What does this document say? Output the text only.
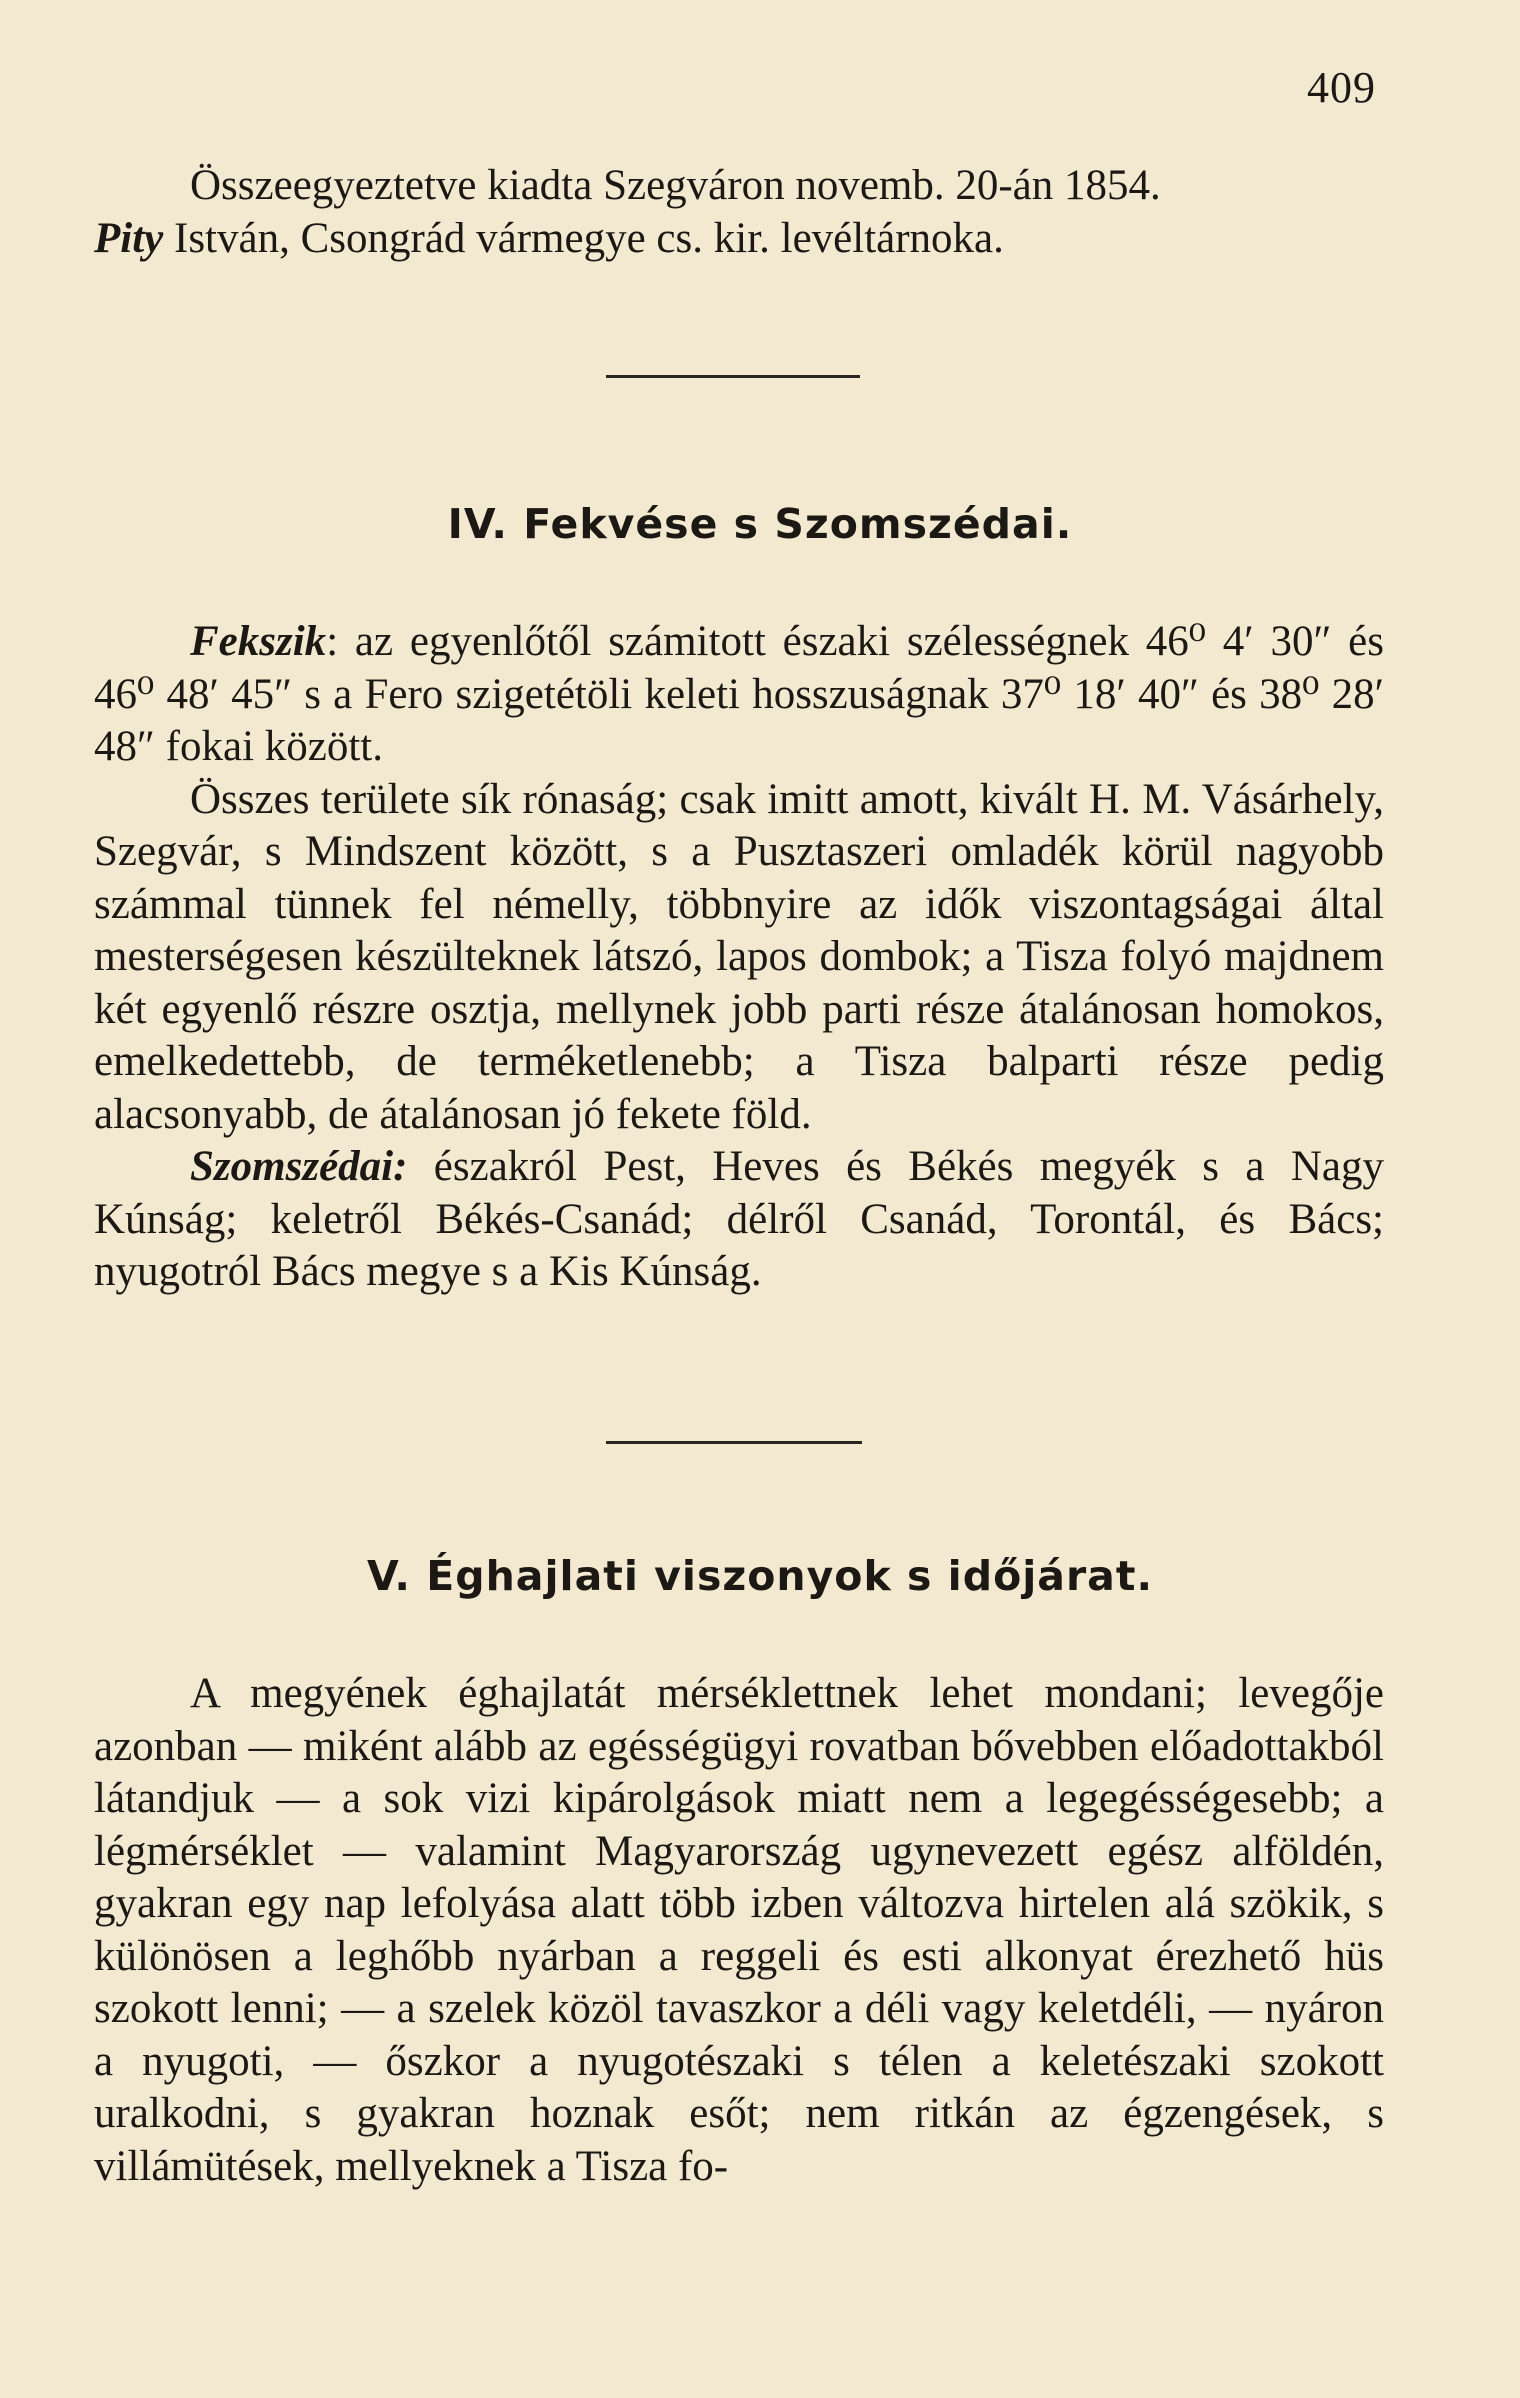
409

Összeegyeztetve kiadta Szegváron novemb. 20-án 1854.

Pity István, Csongrád vármegye cs. kir. levéltárnoka.

IV. Fekvése s Szomszédai.

Fekszik: az egyenlőtől számitott északi szélességnek 46⁰ 4′ 30″ és 46⁰ 48′ 45″ s a Fero szigetétöli keleti hosszuságnak 37⁰ 18′ 40″ és 38⁰ 28′ 48″ fokai között.

Összes területe sík rónaság; csak imitt amott, kivált H. M. Vásárhely, Szegvár, s Mindszent között, s a Pusztaszeri omladék körül nagyobb számmal tünnek fel némelly, többnyire az idők viszontagságai által mesterségesen készülteknek látszó, lapos dombok; a Tisza folyó majdnem két egyenlő részre osztja, mellynek jobb parti része átalánosan homokos, emelkedettebb, de terméketlenebb; a Tisza balparti része pedig alacsonyabb, de átalánosan jó fekete föld.

Szomszédai: északról Pest, Heves és Békés megyék s a Nagy Kúnság; keletről Békés-Csanád; délről Csanád, Torontál, és Bács; nyugotról Bács megye s a Kis Kúnság.

V. Éghajlati viszonyok s időjárat.

A megyének éghajlatát mérséklettnek lehet mondani; levegője azonban — miként alább az egésségügyi rovatban bővebben előadottakból látandjuk — a sok vizi kipárolgások miatt nem a legegésségesebb; a légmérséklet — valamint Magyarország ugynevezett egész alföldén, gyakran egy nap lefolyása alatt több izben változva hirtelen alá szökik, s különösen a leghőbb nyárban a reggeli és esti alkonyat érezhető hüs szokott lenni; — a szelek közöl tavaszkor a déli vagy keletdéli, — nyáron a nyugoti, — őszkor a nyugotészaki s télen a keletészaki szokott uralkodni, s gyakran hoznak esőt; nem ritkán az égzengések, s villámütések, mellyeknek a Tisza fo-
